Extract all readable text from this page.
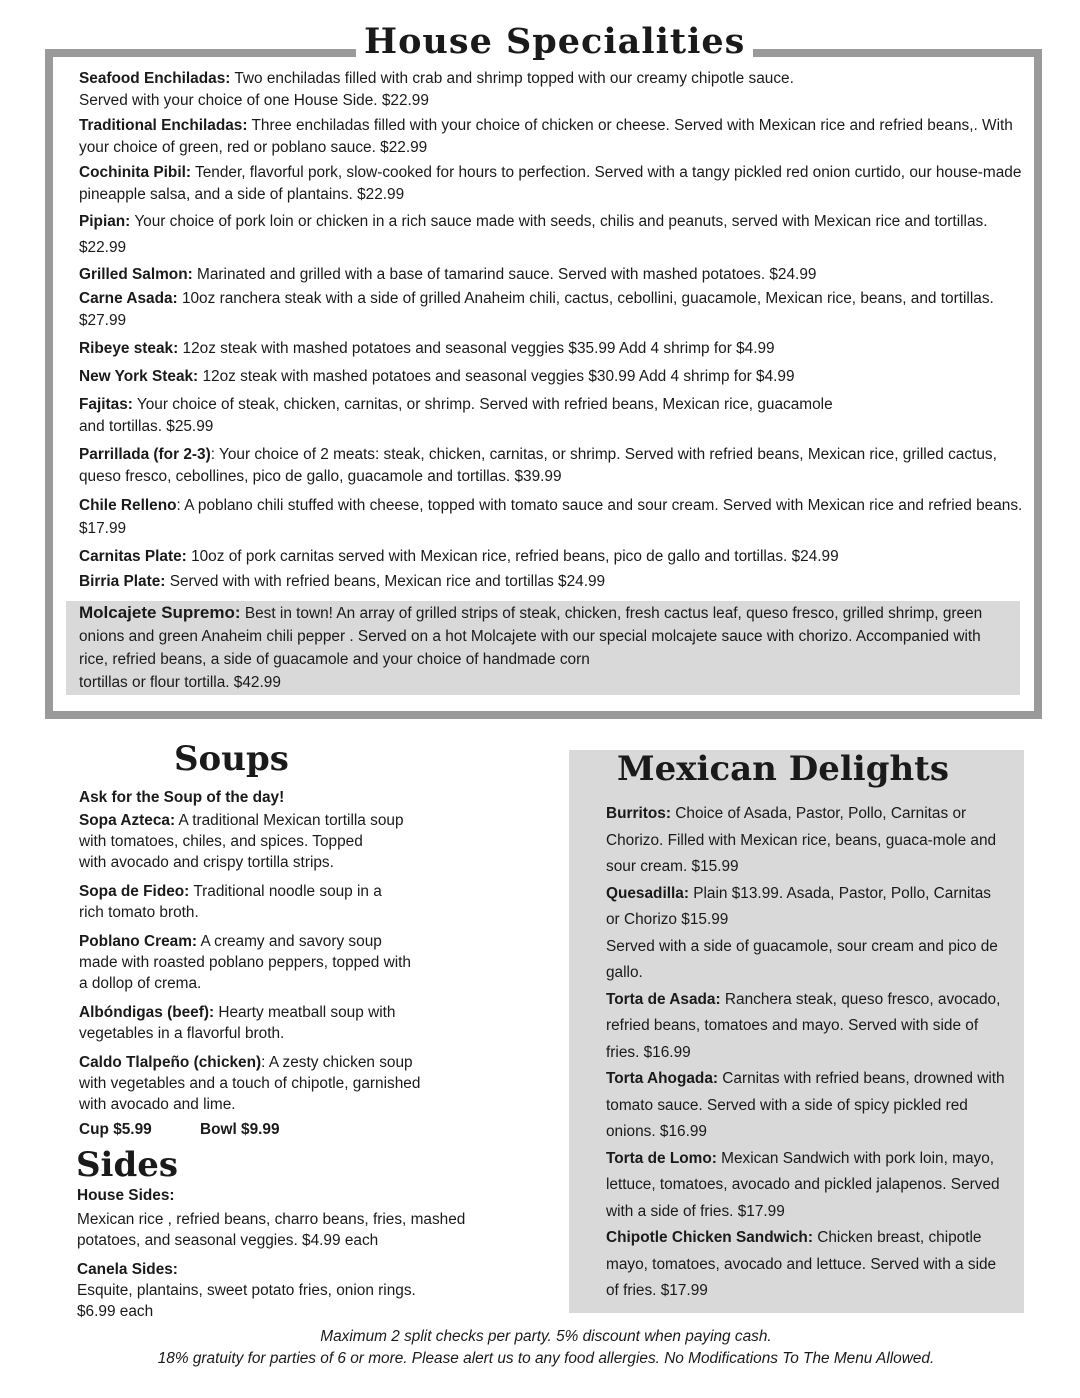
House Specialities

Seafood Enchiladas: Two enchiladas filled with crab and shrimp topped with our creamy chipotle sauce.
Served with your choice of one House Side. $22.99

Traditional Enchiladas: Three enchiladas filled with your choice of chicken or cheese. Served with Mexican rice and refried beans,. With your choice of green, red or poblano sauce. $22.99

Cochinita Pibil: Tender, flavorful pork, slow-cooked for hours to perfection. Served with a tangy pickled red onion curtido, our house-made pineapple salsa, and a side of plantains. $22.99

Pipian: Your choice of pork loin or chicken in a rich sauce made with seeds, chilis and peanuts, served with Mexican rice and tortillas. $22.99

Grilled Salmon: Marinated and grilled with a base of tamarind sauce. Served with mashed potatoes. $24.99

Carne Asada: 10oz ranchera steak with a side of grilled Anaheim chili, cactus, cebollini, guacamole, Mexican rice, beans, and tortillas. $27.99

Ribeye steak: 12oz steak with mashed potatoes and seasonal veggies $35.99 Add 4 shrimp for $4.99

New York Steak: 12oz steak with mashed potatoes and seasonal veggies $30.99 Add 4 shrimp for $4.99

Fajitas: Your choice of steak, chicken, carnitas, or shrimp. Served with refried beans, Mexican rice, guacamole
and tortillas. $25.99

Parrillada (for 2-3): Your choice of 2 meats: steak, chicken, carnitas, or shrimp. Served with refried beans, Mexican rice, grilled cactus, queso fresco, cebollines, pico de gallo, guacamole and tortillas. $39.99

Chile Relleno: A poblano chili stuffed with cheese, topped with tomato sauce and sour cream. Served with Mexican rice and refried beans. $17.99

Carnitas Plate: 10oz of pork carnitas served with Mexican rice, refried beans, pico de gallo and tortillas. $24.99

Birria Plate: Served with with refried beans, Mexican rice and tortillas $24.99

Molcajete Supremo: Best in town! An array of grilled strips of steak, chicken, fresh cactus leaf, queso fresco, grilled shrimp, green onions and green Anaheim chili pepper . Served on a hot Molcajete with our special molcajete sauce with chorizo. Accompanied with rice, refried beans, a side of guacamole and your choice of handmade corn
tortillas or flour tortilla. $42.99

Soups

Ask for the Soup of the day!

Sopa Azteca: A traditional Mexican tortilla soup
with tomatoes, chiles, and spices. Topped
with avocado and crispy tortilla strips.

Sopa de Fideo: Traditional noodle soup in a
rich tomato broth.

Poblano Cream: A creamy and savory soup
made with roasted poblano peppers, topped with
a dollop of crema.

Albóndigas (beef): Hearty meatball soup with
vegetables in a flavorful broth.

Caldo Tlalpeño (chicken): A zesty chicken soup
with vegetables and a touch of chipotle, garnished
with avocado and lime.

Cup $5.99	Bowl $9.99

Sides

House Sides:

Mexican rice , refried beans, charro beans, fries, mashed
potatoes, and seasonal veggies. $4.99 each

Canela Sides:

Esquite, plantains, sweet potato fries, onion rings.
$6.99 each

Mexican Delights

Burritos: Choice of Asada, Pastor, Pollo, Carnitas or Chorizo. Filled with Mexican rice, beans, guaca-mole and sour cream. $15.99

Quesadilla: Plain $13.99. Asada, Pastor, Pollo, Carnitas or Chorizo $15.99

Served with a side of guacamole, sour cream and pico de gallo.

Torta de Asada: Ranchera steak, queso fresco, avocado, refried beans, tomatoes and mayo. Served with side of fries. $16.99

Torta Ahogada: Carnitas with refried beans, drowned with tomato sauce. Served with a side of spicy pickled red onions. $16.99

Torta de Lomo: Mexican Sandwich with pork loin, mayo, lettuce, tomatoes, avocado and pickled jalapenos. Served with a side of fries. $17.99

Chipotle Chicken Sandwich: Chicken breast, chipotle mayo, tomatoes, avocado and lettuce. Served with a side of fries. $17.99

Maximum 2 split checks per party. 5% discount when paying cash.
18% gratuity for parties of 6 or more. Please alert us to any food allergies. No Modifications To The Menu Allowed.
